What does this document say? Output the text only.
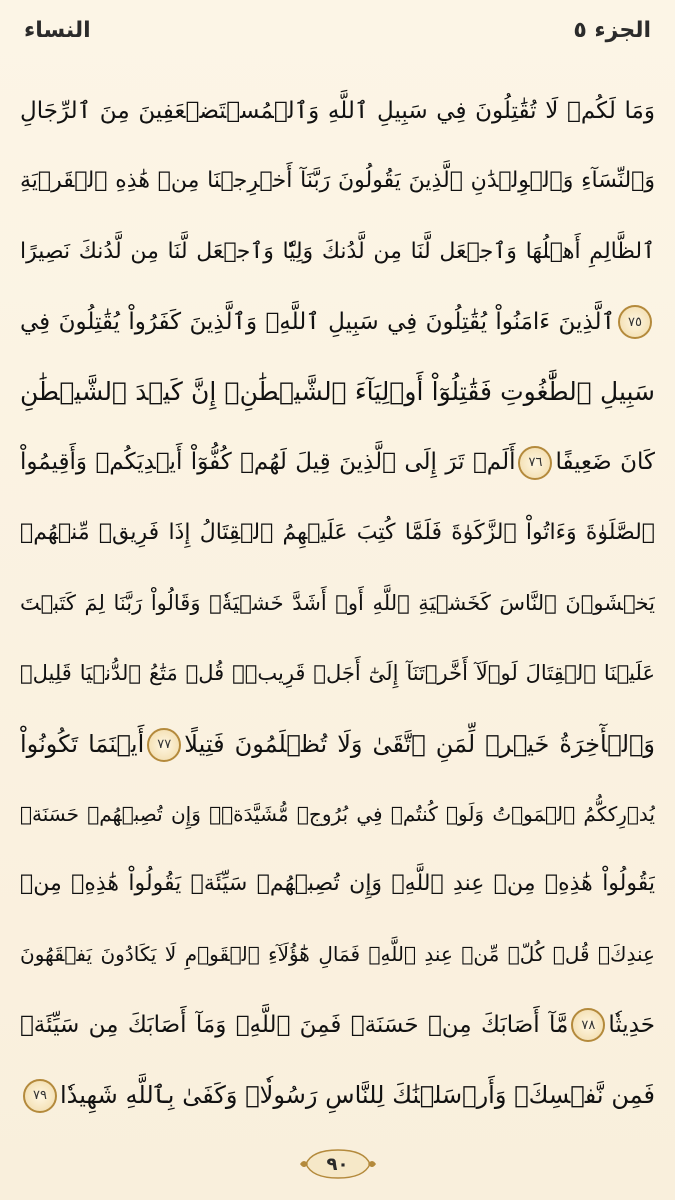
النساء	الجزء ٥
وَمَا لَكُمۡ لَا تُقَٰتِلُونَ فِي سَبِيلِ ٱللَّهِ وَٱلۡمُسۡتَضۡعَفِينَ مِنَ ٱلرِّجَالِ
وَٱلنِّسَآءِ وَٱلۡوِلۡدَٰنِ ٱلَّذِينَ يَقُولُونَ رَبَّنَآ أَخۡرِجۡنَا مِنۡ هَٰذِهِ ٱلۡقَرۡيَةِ
ٱلظَّالِمِ أَهۡلُهَا وَٱجۡعَل لَّنَا مِن لَّدُنكَ وَلِيّٗا وَٱجۡعَل لَّنَا مِن لَّدُنكَ نَصِيرًا
٧٥ٱلَّذِينَ ءَامَنُواْ يُقَٰتِلُونَ فِي سَبِيلِ ٱللَّهِۖ وَٱلَّذِينَ كَفَرُواْ يُقَٰتِلُونَ فِي
سَبِيلِ ٱلطَّٰغُوتِ فَقَٰتِلُوٓاْ أَوۡلِيَآءَ ٱلشَّيۡطَٰنِۖ إِنَّ كَيۡدَ ٱلشَّيۡطَٰنِ
كَانَ ضَعِيفًا٧٦أَلَمۡ تَرَ إِلَى ٱلَّذِينَ قِيلَ لَهُمۡ كُفُّوٓاْ أَيۡدِيَكُمۡ وَأَقِيمُواْ
ٱلصَّلَوٰةَ وَءَاتُواْ ٱلزَّكَوٰةَ فَلَمَّا كُتِبَ عَلَيۡهِمُ ٱلۡقِتَالُ إِذَا فَرِيقٞ مِّنۡهُمۡ
يَخۡشَوۡنَ ٱلنَّاسَ كَخَشۡيَةِ ٱللَّهِ أَوۡ أَشَدَّ خَشۡيَةٗۚ وَقَالُواْ رَبَّنَا لِمَ كَتَبۡتَ
عَلَيۡنَا ٱلۡقِتَالَ لَوۡلَآ أَخَّرۡتَنَآ إِلَىٰٓ أَجَلٖ قَرِيبٖۗ قُلۡ مَتَٰعُ ٱلدُّنۡيَا قَلِيلٞ
وَٱلۡأٓخِرَةُ خَيۡرٞ لِّمَنِ ٱتَّقَىٰ وَلَا تُظۡلَمُونَ فَتِيلًا٧٧أَيۡنَمَا تَكُونُواْ
يُدۡرِككُّمُ ٱلۡمَوۡتُ وَلَوۡ كُنتُمۡ فِي بُرُوجٖ مُّشَيَّدَةٖۗ وَإِن تُصِبۡهُمۡ حَسَنَةٞ
يَقُولُواْ هَٰذِهِۦ مِنۡ عِندِ ٱللَّهِۖ وَإِن تُصِبۡهُمۡ سَيِّئَةٞ يَقُولُواْ هَٰذِهِۦ مِنۡ
عِندِكَۚ قُلۡ كُلّٞ مِّنۡ عِندِ ٱللَّهِۖ فَمَالِ هَٰٓؤُلَآءِ ٱلۡقَوۡمِ لَا يَكَادُونَ يَفۡقَهُونَ
حَدِيثٗا٧٨مَّآ أَصَابَكَ مِنۡ حَسَنَةٖ فَمِنَ ٱللَّهِۖ وَمَآ أَصَابَكَ مِن سَيِّئَةٖ
فَمِن نَّفۡسِكَۚ وَأَرۡسَلۡنَٰكَ لِلنَّاسِ رَسُولٗاۚ وَكَفَىٰ بِٱللَّهِ شَهِيدٗا٧٩
٩٠
